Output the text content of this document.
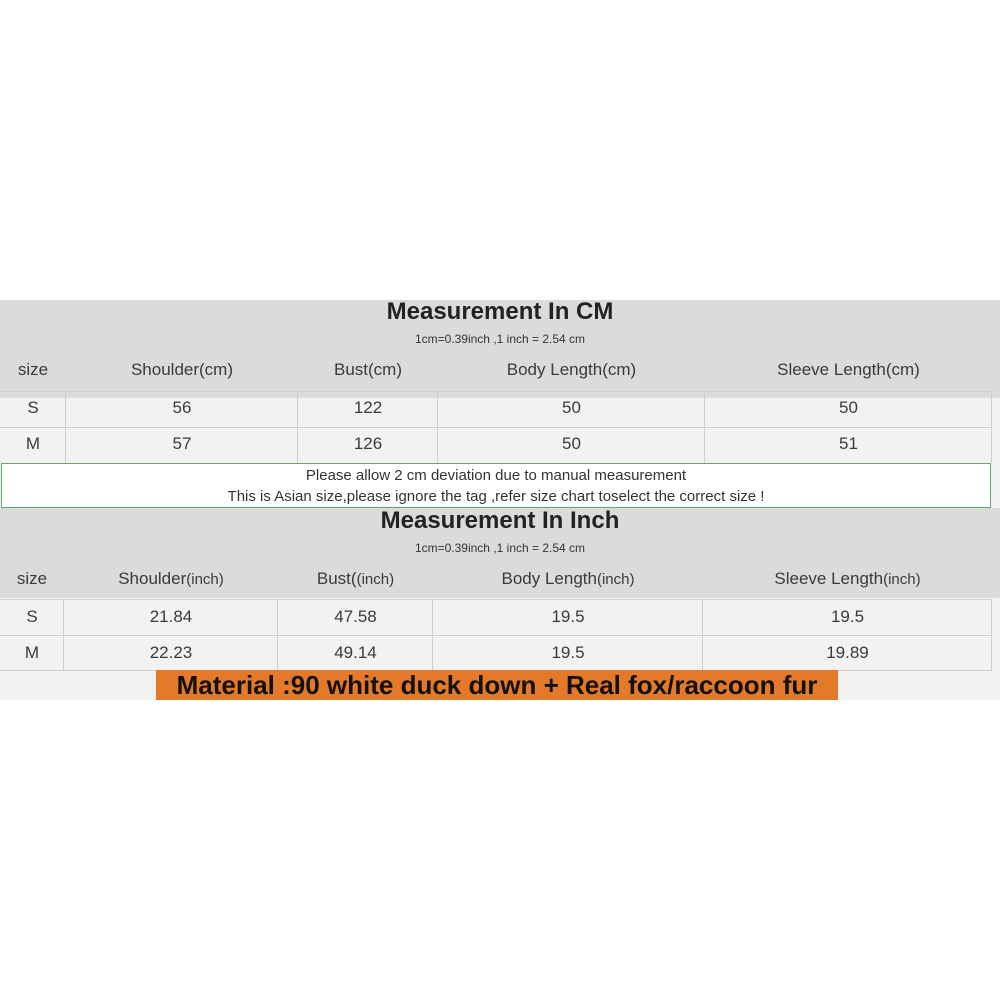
Measurement In CM
1cm=0.39inch ,1 inch = 2.54 cm
size	Shoulder(cm)	Bust(cm)	Body Length(cm)	Sleeve Length(cm)
S	56	122	50	50
M	57	126	50	51
Please allow 2 cm deviation due to manual measurement
This is Asian size,please ignore the tag ,refer size chart toselect the correct size !
Measurement In Inch
1cm=0.39inch ,1 inch = 2.54 cm
size	Shoulder(inch)	Bust((inch)	Body Length(inch)	Sleeve Length(inch)
S	21.84	47.58	19.5	19.5
M	22.23	49.14	19.5	19.89
Material :90 white duck down + Real fox/raccoon fur
